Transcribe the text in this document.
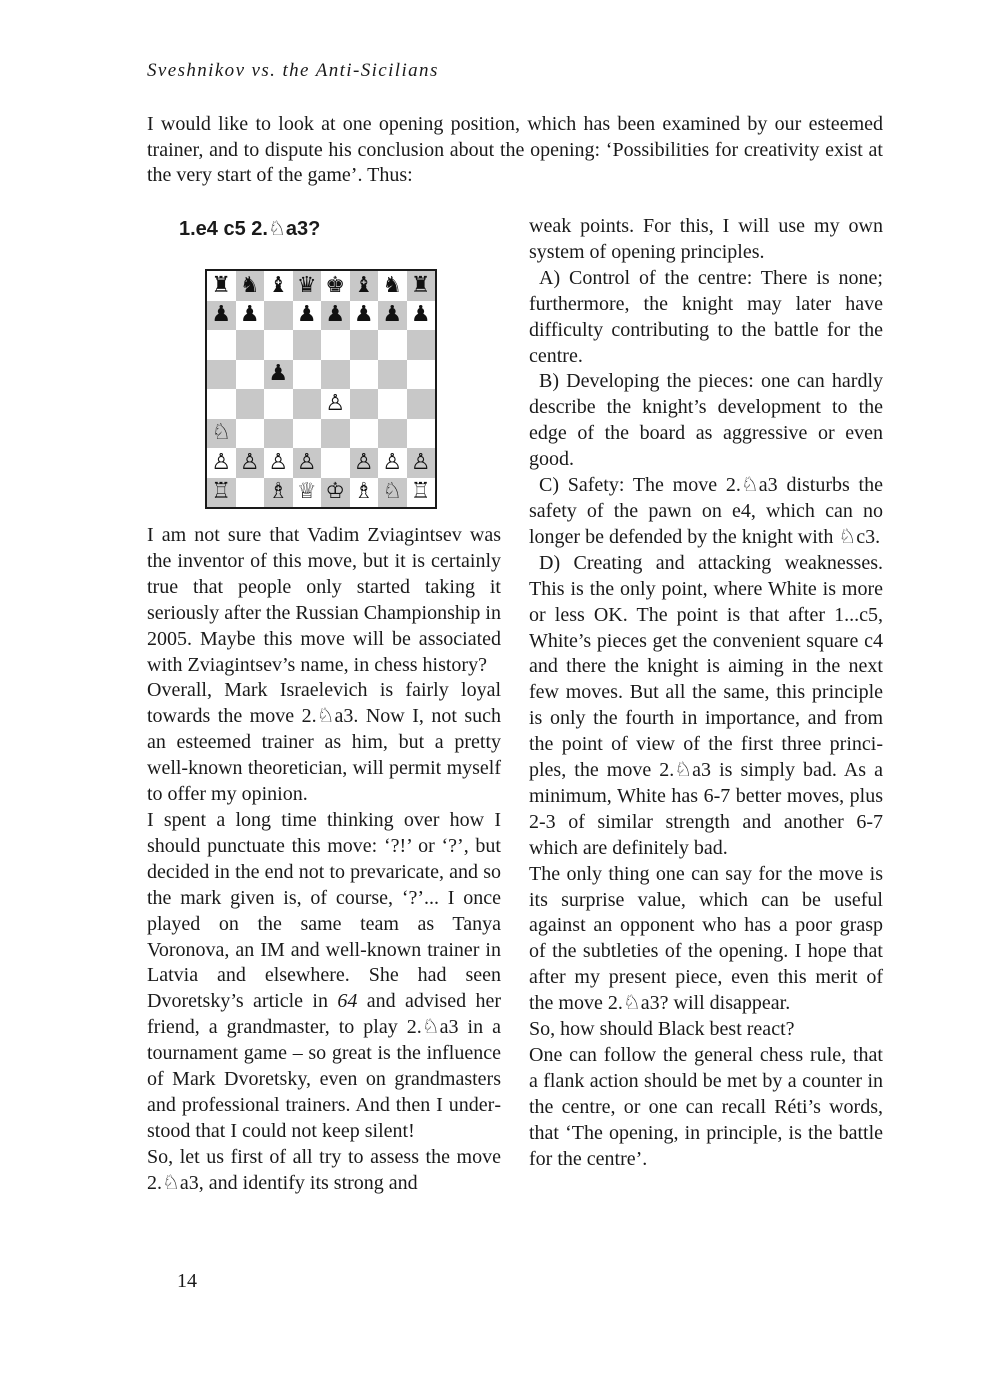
Sveshnikov vs. the Anti-Sicilians

I would like to look at one opening position, which has been examined by our esteemed trainer, and to dispute his conclusion about the opening: ‘Possibilities for creativity exist at the very start of the game’. Thus:

1.e4 c5 2.♘a3?
♜ ♞ ♝ ♛ ♚ ♝ ♞ ♜
♟ ♟ ♟ ♟ ♟ ♟ ♟
♟
♙
♘
♙ ♙ ♙ ♙ ♙ ♙ ♙
♖ ♗ ♕ ♔ ♗ ♘ ♖

I am not sure that Vadim Zviagintsev was the inventor of this move, but it is certainly true that people only started taking it seriously after the Russian Championship in 2005. Maybe this move will be associated with Zviagintsev’s name, in chess history?

Overall, Mark Israelevich is fairly loyal towards the move 2.♘a3. Now I, not such an esteemed trainer as him, but a pretty well-known theoretician, will permit myself to offer my opinion.

I spent a long time thinking over how I should punctuate this move: ‘?!’ or ‘?’, but decided in the end not to prevaricate, and so the mark given is, of course, ‘?’... I once played on the same team as Tanya Voronova, an IM and well-known trainer in Latvia and elsewhere. She had seen Dvoretsky’s article in 64 and advised her friend, a grandmaster, to play 2.♘a3 in a tournament game – so great is the influence of Mark Dvoretsky, even on grandmasters and professional trainers. And then I understood that I could not keep silent!

So, let us first of all try to assess the move 2.♘a3, and identify its strong and

weak points. For this, I will use my own system of opening principles.

A) Control of the centre: There is none; furthermore, the knight may later have difficulty contributing to the battle for the centre.

B) Developing the pieces: one can hardly describe the knight’s development to the edge of the board as aggressive or even good.

C) Safety: The move 2.♘a3 disturbs the safety of the pawn on e4, which can no longer be defended by the knight with ♘c3.

D) Creating and attacking weaknesses. This is the only point, where White is more or less OK. The point is that after 1...c5, White’s pieces get the convenient square c4 and there the knight is aiming in the next few moves. But all the same, this principle is only the fourth in importance, and from the point of view of the first three principles, the move 2.♘a3 is simply bad. As a minimum, White has 6-7 better moves, plus 2-3 of similar strength and another 6-7 which are definitely bad.

The only thing one can say for the move is its surprise value, which can be useful against an opponent who has a poor grasp of the subtleties of the opening. I hope that after my present piece, even this merit of the move 2.♘a3? will disappear.

So, how should Black best react?

One can follow the general chess rule, that a flank action should be met by a counter in the centre, or one can recall Réti’s words, that ‘The opening, in principle, is the battle for the centre’.

14
